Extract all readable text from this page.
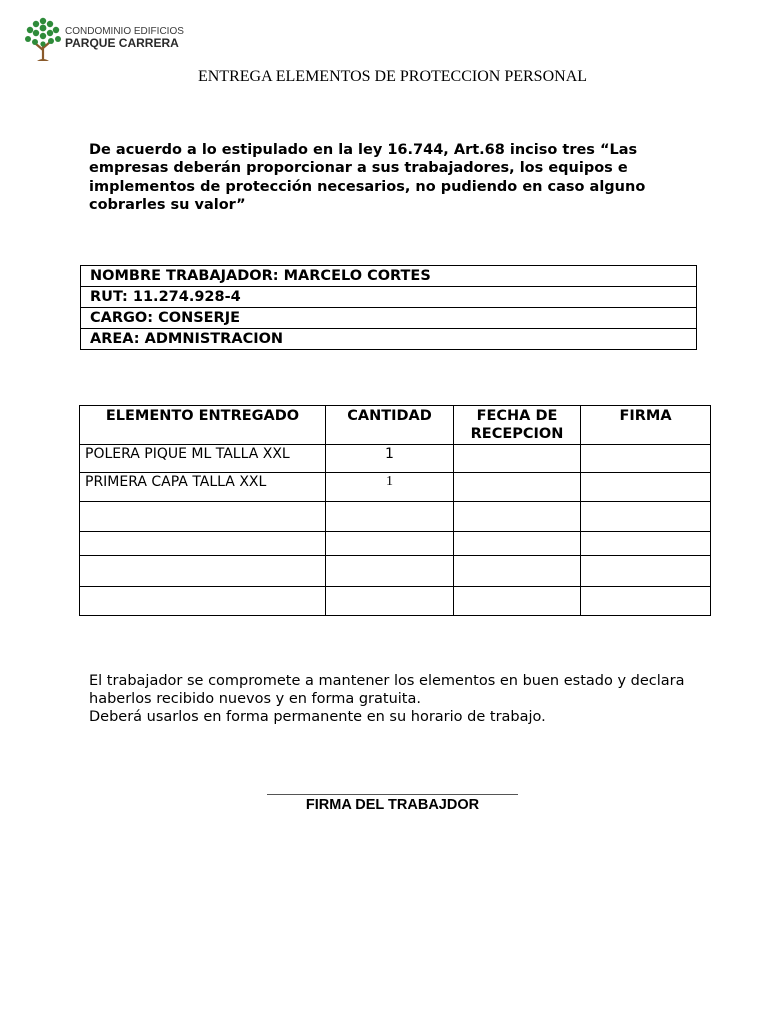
CONDOMINIO EDIFICIOS
PARQUE CARRERA
ENTREGA ELEMENTOS DE PROTECCION PERSONAL
De acuerdo a lo estipulado en la ley 16.744, Art.68 inciso tres “Las empresas deberán proporcionar a sus trabajadores, los equipos e implementos de protección necesarios, no pudiendo en caso alguno cobrarles su valor”
NOMBRE TRABAJADOR: MARCELO CORTES
RUT: 11.274.928-4
CARGO: CONSERJE
AREA: ADMNISTRACION
ELEMENTO ENTREGADO	CANTIDAD	FECHA DE RECEPCION	FIRMA
POLERA PIQUE ML TALLA XXL	1		
PRIMERA CAPA TALLA XXL	1		

El trabajador se compromete a mantener los elementos en buen estado y declara haberlos recibido nuevos y en forma gratuita.

Deberá usarlos en forma permanente en su horario de trabajo.

FIRMA DEL TRABAJDOR
